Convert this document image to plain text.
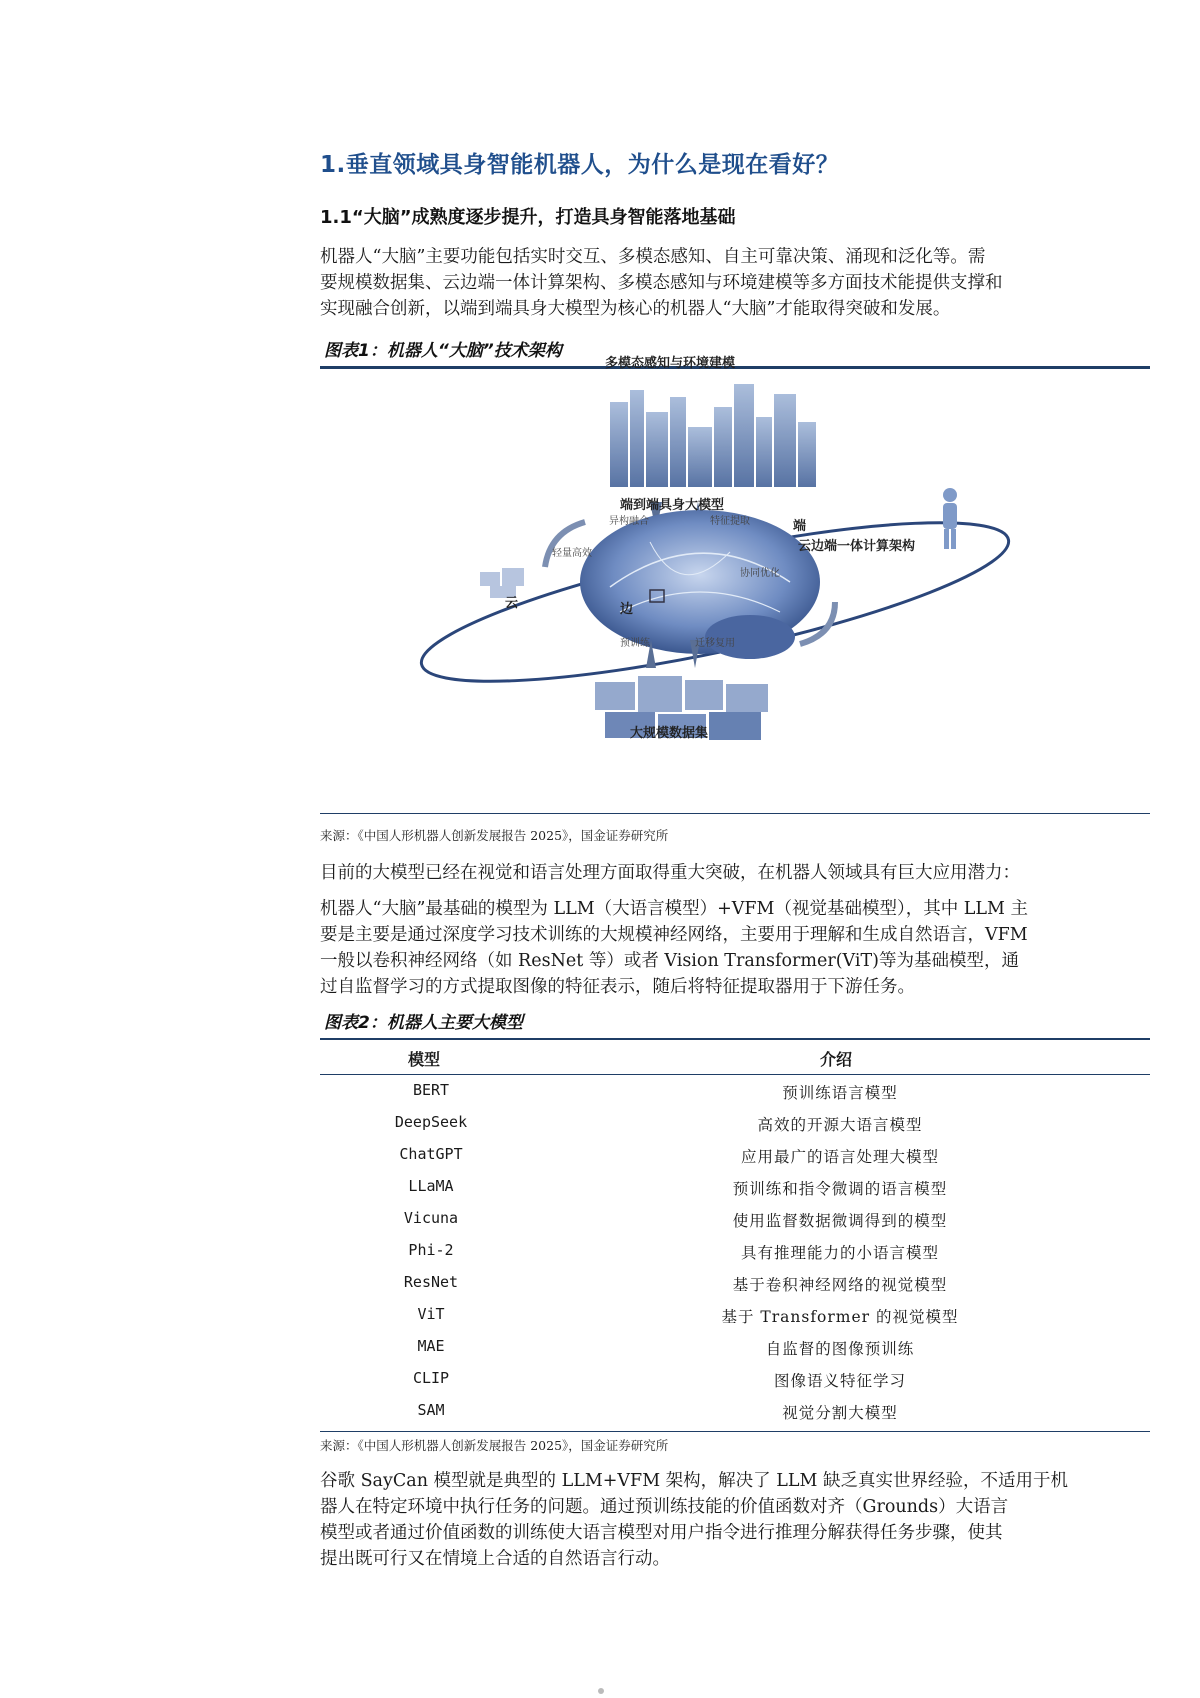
1.垂直领域具身智能机器人，为什么是现在看好？
1.1“大脑”成熟度逐步提升，打造具身智能落地基础
机器人“大脑”主要功能包括实时交互、多模态感知、自主可靠决策、涌现和泛化等。需
要规模数据集、云边端一体计算架构、多模态感知与环境建模等多方面技术能提供支撑和
实现融合创新，以端到端具身大模型为核心的机器人“大脑”才能取得突破和发展。
图表1：机器人“大脑”技术架构
多模态感知与环境建模
异构融合	特征提取
端到端具身大模型
端
云边端一体计算架构
轻量高效
协同优化
云	边
预训练	迁移复用
大规模数据集
来源：《中国人形机器人创新发展报告 2025》，国金证券研究所
目前的大模型已经在视觉和语言处理方面取得重大突破，在机器人领域具有巨大应用潜力：
机器人“大脑”最基础的模型为 LLM（大语言模型）+VFM（视觉基础模型），其中 LLM 主
要是主要是通过深度学习技术训练的大规模神经网络，主要用于理解和生成自然语言，VFM
一般以卷积神经网络（如 ResNet 等）或者 Vision Transformer(ViT)等为基础模型，通
过自监督学习的方式提取图像的特征表示，随后将特征提取器用于下游任务。
图表2：机器人主要大模型
模型	介绍
BERT	预训练语言模型
DeepSeek	高效的开源大语言模型
ChatGPT	应用最广的语言处理大模型
LLaMA	预训练和指令微调的语言模型
Vicuna	使用监督数据微调得到的模型
Phi-2	具有推理能力的小语言模型
ResNet	基于卷积神经网络的视觉模型
ViT	基于 Transformer 的视觉模型
MAE	自监督的图像预训练
CLIP	图像语义特征学习
SAM	视觉分割大模型
来源：《中国人形机器人创新发展报告 2025》，国金证券研究所
谷歌 SayCan 模型就是典型的 LLM+VFM 架构，解决了 LLM 缺乏真实世界经验，不适用于机
器人在特定环境中执行任务的问题。通过预训练技能的价值函数对齐（Grounds）大语言
模型或者通过价值函数的训练使大语言模型对用户指令进行推理分解获得任务步骤，使其
提出既可行又在情境上合适的自然语言行动。
